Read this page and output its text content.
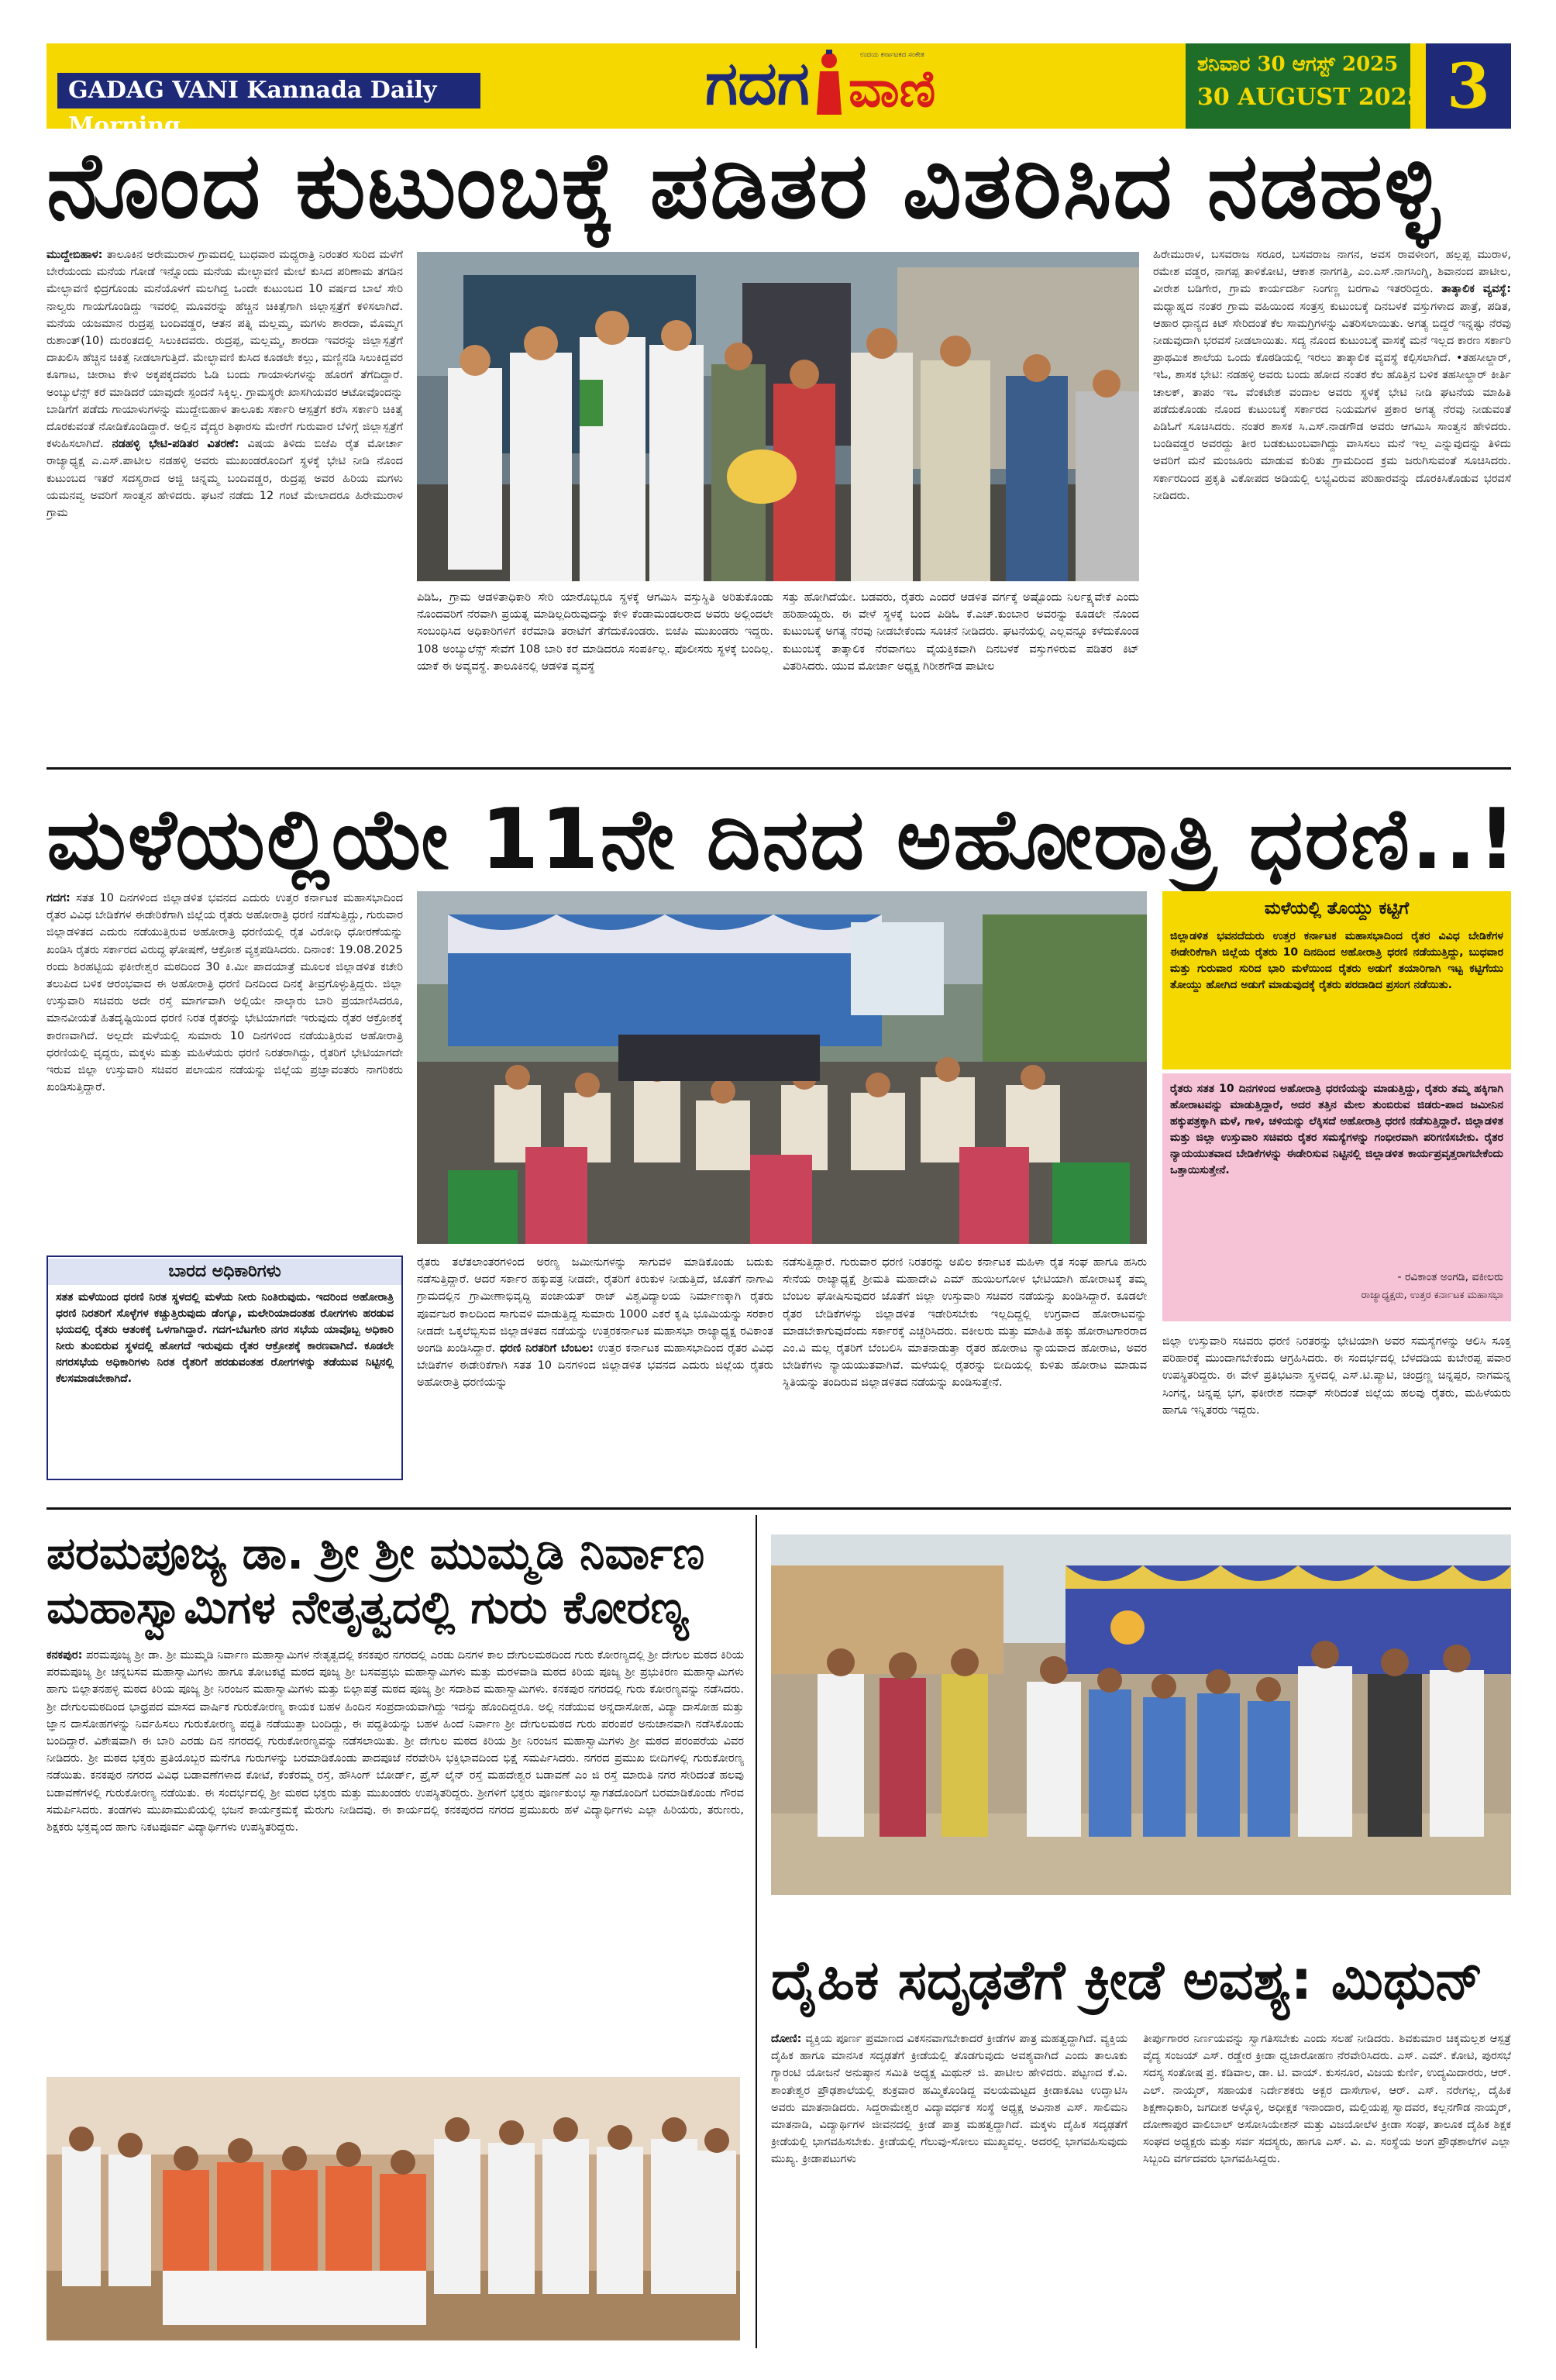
GADAG VANI Kannada Daily Morning
ಗದಗ ವಾಣಿ
ಉದಯ ಕರ್ನಾಟಕದ ಸಂಕೇತ	ಶನಿವಾರ 30 ಆಗಸ್ಟ್ 2025
30 AUGUST 2025 3
ನೊಂದ ಕುಟುಂಬಕ್ಕೆ ಪಡಿತರ ವಿತರಿಸಿದ ನಡಹಳ್ಳಿ
ಮುದ್ದೇಬಿಹಾಳ: ತಾಲೂಕಿನ ಅರೇಮುರಾಳ ಗ್ರಾಮದಲ್ಲಿ ಬುಧವಾರ ಮಧ್ಯರಾತ್ರಿ ನಿರಂತರ ಸುರಿದ ಮಳೆಗೆ ಬೇರೆಯಂದು ಮನೆಯ ಗೋಡೆ ಇನ್ನೊಂದು ಮನೆಯ ಮೇಲ್ಛಾವಣಿ ಮೇಲೆ ಕುಸಿದ ಪರಿಣಾಮ ತಗಡಿನ ಮೇಲ್ಛಾವಣಿ ಛಿದ್ರಗೊಂಡು ಮನೆಯೊಳಗೆ ಮಲಗಿದ್ದ ಒಂದೇ ಕುಟುಂಬದ 10 ವರ್ಷದ ಬಾಲೆ ಸೇರಿ ನಾಲ್ವರು ಗಾಯಗೊಂಡಿದ್ದು ಇವರಲ್ಲಿ ಮೂವರನ್ನು ಹೆಚ್ಚಿನ ಚಿಕಿತ್ಸೆಗಾಗಿ ಜಿಲ್ಲಾಸ್ಪತ್ರೆಗೆ ಕಳಿಸಲಾಗಿದೆ. ಮನೆಯ ಯಜಮಾನ ರುದ್ರಪ್ಪ ಬಂದಿವಡ್ಡರ, ಆತನ ಪತ್ನಿ ಮಲ್ಲಮ್ಮ, ಮಗಳು ಶಾರದಾ, ಮೊಮ್ಮಗ ರುಶಾಂತ್(10) ದುರಂತದಲ್ಲಿ ಸಿಲುಕಿದವರು. ರುದ್ರಪ್ಪ, ಮಲ್ಲಮ್ಮ, ಶಾರದಾ ಇವರನ್ನು ಜಿಲ್ಲಾಸ್ಪತ್ರೆಗೆ ದಾಖಲಿಸಿ ಹೆಚ್ಚಿನ ಚಿಕಿತ್ಸೆ ನೀಡಲಾಗುತ್ತಿದೆ. ಮೇಲ್ಛಾವಣಿ ಕುಸಿದ ಕೂಡಲೇ ಕಲ್ಲು, ಮಣ್ಣಿನಡಿ ಸಿಲುಕಿದ್ದವರ ಕೂಗಾಟ, ಚೀರಾಟ ಕೇಳಿ ಅಕ್ಕಪಕ್ಕದವರು ಓಡಿ ಬಂದು ಗಾಯಾಳುಗಳನ್ನು ಹೊರಗೆ ತೆಗೆದಿದ್ದಾರೆ. ಅಂಬ್ಯುಲೆನ್ಸ್ ಕರೆ ಮಾಡಿದರೆ ಯಾವುದೇ ಸ್ಪಂದನೆ ಸಿಕ್ಕಿಲ್ಲ. ಗ್ರಾಮಸ್ಥರೇ ಖಾಸಗಿಯವರ ಆಟೋವೊಂದನ್ನು ಬಾಡಿಗೆಗೆ ಪಡೆದು ಗಾಯಾಳುಗಳನ್ನು ಮುದ್ದೇಬಿಹಾಳ ತಾಲೂಕು ಸರ್ಕಾರಿ ಆಸ್ಪತ್ರೆಗೆ ಕರೆಸಿ ಸರ್ಕಾರಿ ಚಿಕಿತ್ಸೆ ದೊರಕುವಂತೆ ನೋಡಿಕೊಂಡಿದ್ದಾರೆ. ಅಲ್ಲಿನ ವೈದ್ಯರ ಶಿಫಾರಸು ಮೇರೆಗೆ ಗುರುವಾರ ಬೆಳಿಗ್ಗೆ ಜಿಲ್ಲಾಸ್ಪತ್ರೆಗೆ ಕಳುಹಿಸಲಾಗಿದೆ. ನಡಹಳ್ಳಿ ಭೇಟಿ-ಪಡಿತರ ವಿತರಣೆ: ವಿಷಯ ತಿಳಿದು ಬಿಜೆಪಿ ರೈತ ಮೋರ್ಚಾ ರಾಜ್ಯಾಧ್ಯಕ್ಷ ಎ.ಎಸ್.ಪಾಟೀಲ ನಡಹಳ್ಳಿ ಅವರು ಮುಖಂಡರೊಂದಿಗೆ ಸ್ಥಳಕ್ಕೆ ಭೇಟಿ ನೀಡಿ ನೊಂದ ಕುಟುಂಬದ ಇತರೆ ಸದಸ್ಯರಾದ ಅಜ್ಜಿ ಚಿನ್ನಮ್ಮ ಬಂದಿವಡ್ಡರ, ರುದ್ರಪ್ಪ ಅವರ ಹಿರಿಯ ಮಗಳು ಯಮನವ್ವ ಅವರಿಗೆ ಸಾಂತ್ವನ ಹೇಳಿದರು. ಘಟನೆ ನಡೆದು 12 ಗಂಟೆ ಮೇಲಾದರೂ ಹಿರೇಮುರಾಳ ಗ್ರಾಮ
ಪಿಡಿಓ, ಗ್ರಾಮ ಆಡಳಿತಾಧಿಕಾರಿ ಸೇರಿ ಯಾರೊಬ್ಬರೂ ಸ್ಥಳಕ್ಕೆ ಆಗಮಿಸಿ ವಸ್ತುಸ್ಥಿತಿ ಅರಿತುಕೊಂಡು ನೊಂದವರಿಗೆ ನೆರವಾಗಿ ಪ್ರಯತ್ನ ಮಾಡಿಲ್ಲದಿರುವುದನ್ನು ಕೇಳಿ ಕೆಂಡಾಮಂಡಲರಾದ ಅವರು ಅಲ್ಲಿಂದಲೇ ಸಂಬಂಧಿಸಿದ ಅಧಿಕಾರಿಗಳಿಗೆ ಕರೆಮಾಡಿ ತರಾಟೆಗೆ ತೆಗೆದುಕೊಂಡರು. ಬಿಜೆಪಿ ಮುಖಂಡರು ಇದ್ದರು. 108 ಅಂಬ್ಯುಲೆನ್ಸ್ ಸೇವೆಗೆ 108 ಬಾರಿ ಕರೆ ಮಾಡಿದರೂ ಸಂಪರ್ಕಿಲ್ಲ. ಪೊಲೀಸರು ಸ್ಥಳಕ್ಕೆ ಬಂದಿಲ್ಲ. ಯಾಕೆ ಈ ಅವ್ಯವಸ್ಥೆ. ತಾಲೂಕಿನಲ್ಲಿ ಆಡಳಿತ ವ್ಯವಸ್ಥೆ
ಸತ್ತು ಹೋಗಿದೆಯೇ. ಬಡವರು, ರೈತರು ಎಂದರೆ ಆಡಳಿತ ವರ್ಗಕ್ಕೆ ಅಷ್ಟೊಂದು ನಿರ್ಲಕ್ಷ್ಯವೇಕೆ ಎಂದು ಹರಿಹಾಯ್ದರು. ಈ ವೇಳೆ ಸ್ಥಳಕ್ಕೆ ಬಂದ ಪಿಡಿಓ ಕೆ.ಎಚ್.ಕುಂಬಾರ ಅವರನ್ನು ಕೂಡಲೇ ನೊಂದ ಕುಟುಂಬಕ್ಕೆ ಅಗತ್ಯ ನೆರವು ನೀಡಬೇಕೆಂದು ಸೂಚನೆ ನೀಡಿದರು. ಘಟನೆಯಲ್ಲಿ ಎಲ್ಲವನ್ನೂ ಕಳೆದುಕೊಂಡ ಕುಟುಂಬಕ್ಕೆ ತಾತ್ಕಾಲಿಕ ನೆರವಾಗಲು ವೈಯಕ್ತಿಕವಾಗಿ ದಿನಬಳಕೆ ವಸ್ತುಗಳಿರುವ ಪಡಿತರ ಕಿಟ್ ವಿತರಿಸಿದರು. ಯುವ ಮೋರ್ಚಾ ಅಧ್ಯಕ್ಷ ಗಿರೀಶಗೌಡ ಪಾಟೀಲ
ಹಿರೇಮುರಾಳ, ಬಸವರಾಜ ಸರೂರ, ಬಸವರಾಜ ನಾಗನ, ಅವಸ ರಾವಳೀಂಗ, ಹಲ್ಲಪ್ಪ ಮುರಾಳ, ರಮೇಶ ವಡ್ಡರ, ನಾಗಪ್ಪ ತಾಳಿಕೋಟಿ, ಆಕಾಶ ನಾಗಗತ್ತಿ, ಎಂ.ಎಸ್.ನಾಗಸಿಂಗ್ನಿ, ಶಿವಾನಂದ ಪಾಟೀಲ, ವೀರೇಶ ಬಡಿಗೇರ, ಗ್ರಾಮ ಕಾರ್ಯದರ್ಶಿ ನಿಂಗಣ್ಣ ಬರಗಾವಿ ಇತರರಿದ್ದರು. ತಾತ್ಕಾಲಿಕ ವ್ಯವಸ್ಥೆ: ಮಧ್ಯಾಹ್ನದ ನಂತರ ಗ್ರಾಮ ವಹಿಯಿಂದ ಸಂತ್ರಸ್ತ ಕುಟುಂಬಕ್ಕೆ ದಿನಬಳಕೆ ವಸ್ತುಗಳಾದ ಪಾತ್ರೆ, ಪಡಿತ, ಆಹಾರ ಧಾನ್ಯದ ಕಿಟ್ ಸೇರಿದಂತೆ ಕೆಲ ಸಾಮಗ್ರಿಗಳನ್ನು ವಿತರಿಸಲಾಯಿತು. ಅಗತ್ಯ ಬಿದ್ದರೆ ಇನ್ನಷ್ಟು ನೆರವು ನೀಡುವುದಾಗಿ ಭರವಸೆ ನೀಡಲಾಯಿತು. ಸದ್ಯ ನೊಂದ ಕುಟುಂಬಕ್ಕೆ ವಾಸಕ್ಕೆ ಮನೆ ಇಲ್ಲದ ಕಾರಣ ಸರ್ಕಾರಿ ಪ್ರಾಥಮಿಕ ಶಾಲೆಯ ಒಂದು ಕೊಠಡಿಯಲ್ಲಿ ಇರಲು ತಾತ್ಕಾಲಿಕ ವ್ಯವಸ್ಥೆ ಕಲ್ಪಿಸಲಾಗಿದೆ. •ತಹಸೀಲ್ದಾರ್, ಇಓ, ಶಾಸಕ ಭೇಟಿ: ನಡಹಳ್ಳಿ ಅವರು ಬಂದು ಹೋದ ನಂತರ ಕೆಲ ಹೊತ್ತಿನ ಬಳಿಕ ತಹಸೀಲ್ದಾರ್ ಕೀರ್ತಿ ಚಾಲಕ್, ತಾಪಂ ಇಒ ವೆಂಕಟೇಶ ವಂದಾಲ ಅವರು ಸ್ಥಳಕ್ಕೆ ಭೇಟಿ ನೀಡಿ ಘಟನೆಯ ಮಾಹಿತಿ ಪಡೆದುಕೊಂಡು ನೊಂದ ಕುಟುಂಬಕ್ಕೆ ಸರ್ಕಾರದ ನಿಯಮಗಳ ಪ್ರಕಾರ ಅಗತ್ಯ ನೆರವು ನೀಡುವಂತೆ ಪಿಡಿಓಗೆ ಸೂಚಿಸಿದರು. ನಂತರ ಶಾಸಕ ಸಿ.ಎಸ್.ನಾಡಗೌಡ ಅವರು ಆಗಮಿಸಿ ಸಾಂತ್ವನ ಹೇಳಿದರು. ಬಂಡಿವಡ್ಡರ ಅವರದ್ದು ತೀರ ಬಡಕುಟುಂಬವಾಗಿದ್ದು ವಾಸಿಸಲು ಮನೆ ಇಲ್ಲ ಎನ್ನುವುದನ್ನು ತಿಳಿದು ಅವರಿಗೆ ಮನೆ ಮಂಜೂರು ಮಾಡುವ ಕುರಿತು ಗ್ರಾಮದಿಂದ ಕ್ರಮ ಜರುಗಿಸುವಂತೆ ಸೂಚಿಸಿದರು. ಸರ್ಕಾರದಿಂದ ಪ್ರಕೃತಿ ವಿಕೋಪದ ಅಡಿಯಲ್ಲಿ ಲಭ್ಯವಿರುವ ಪರಿಹಾರವನ್ನು ದೊರಕಿಸಿಕೊಡುವ ಭರವಸೆ ನೀಡಿದರು.
ಮಳೆಯಲ್ಲಿಯೇ 11ನೇ ದಿನದ ಅಹೋರಾತ್ರಿ ಧರಣಿ..!
ಗದಗ: ಸತತ 10 ದಿನಗಳಿಂದ ಜಿಲ್ಲಾಡಳಿತ ಭವನದ ಎದುರು ಉತ್ತರ ಕರ್ನಾಟಕ ಮಹಾಸಭಾದಿಂದ ರೈತರ ವಿವಿಧ ಬೇಡಿಕೆಗಳ ಈಡೇರಿಕೆಗಾಗಿ ಜಿಲ್ಲೆಯ ರೈತರು ಅಹೋರಾತ್ರಿ ಧರಣಿ ನಡೆಸುತ್ತಿದ್ದು, ಗುರುವಾರ ಜಿಲ್ಲಾಡಳಿತದ ಎದುರು ನಡೆಯುತ್ತಿರುವ ಅಹೋರಾತ್ರಿ ಧರಣಿಯಲ್ಲಿ ರೈತ ವಿರೋಧಿ ಧೋರಣೆಯನ್ನು ಖಂಡಿಸಿ ರೈತರು ಸರ್ಕಾರದ ವಿರುದ್ಧ ಘೋಷಣೆ, ಆಕ್ರೋಶ ವ್ಯಕ್ತಪಡಿಸಿದರು. ದಿನಾಂಕ: 19.08.2025 ರಂದು ಶಿರಹಟ್ಟಿಯ ಫಕೀರೇಶ್ವರ ಮಠದಿಂದ 30 ಕಿ.ಮೀ ಪಾದಯಾತ್ರೆ ಮೂಲಕ ಜಿಲ್ಲಾಡಳಿತ ಕಚೇರಿ ತಲುಪಿದ ಬಳಿಕ ಆರಂಭವಾದ ಈ ಅಹೋರಾತ್ರಿ ಧರಣಿ ದಿನದಿಂದ ದಿನಕ್ಕೆ ತೀವ್ರಗೊಳ್ಳುತ್ತಿದ್ದರು. ಜಿಲ್ಲಾ ಉಸ್ತುವಾರಿ ಸಚಿವರು ಅದೇ ರಸ್ತೆ ಮಾರ್ಗವಾಗಿ ಅಲ್ಲಿಯೇ ನಾಲ್ಕಾರು ಬಾರಿ ಪ್ರಯಾಣಿಸಿದರೂ, ಮಾನವೀಯತೆ ಹಿತದೃಷ್ಟಿಯಿಂದ ಧರಣಿ ನಿರತ ರೈತರನ್ನು ಭೇಟಿಯಾಗದೇ ಇರುವುದು ರೈತರ ಆಕ್ರೋಶಕ್ಕೆ ಕಾರಣವಾಗಿದೆ. ಅಲ್ಲದೇ ಮಳೆಯಲ್ಲಿ ಸುಮಾರು 10 ದಿನಗಳಿಂದ ನಡೆಯುತ್ತಿರುವ ಅಹೋರಾತ್ರಿ ಧರಣಿಯಲ್ಲಿ ವೃದ್ಧರು, ಮಕ್ಕಳು ಮತ್ತು ಮಹಿಳೆಯರು ಧರಣಿ ನಿರತರಾಗಿದ್ದು, ರೈತರಿಗೆ ಭೇಟಿಯಾಗದೇ ಇರುವ ಜಿಲ್ಲಾ ಉಸ್ತುವಾರಿ ಸಚಿವರ ಪಲಾಯನ ನಡೆಯನ್ನು ಜಿಲ್ಲೆಯ ಪ್ರಜ್ಞಾವಂತರು ನಾಗರಿಕರು ಖಂಡಿಸುತ್ತಿದ್ದಾರೆ.
ಮಳೆಯಲ್ಲಿ ತೊಯ್ದು ಕಟ್ಟಿಗೆ
ಜಿಲ್ಲಾಡಳಿತ ಭವನದೆದುರು ಉತ್ತರ ಕರ್ನಾಟಕ ಮಹಾಸಭಾದಿಂದ ರೈತರ ವಿವಿಧ ಬೇಡಿಕೆಗಳ ಈಡೇರಿಕೆಗಾಗಿ ಜಿಲ್ಲೆಯ ರೈತರು 10 ದಿನದಿಂದ ಅಹೋರಾತ್ರಿ ಧರಣಿ ನಡೆಯುತ್ತಿದ್ದು, ಬುಧವಾರ ಮತ್ತು ಗುರುವಾರ ಸುರಿದ ಭಾರಿ ಮಳೆಯಿಂದ ರೈತರು ಅಡುಗೆ ತಯಾರಿಗಾಗಿ ಇಟ್ಟ ಕಟ್ಟಿಗೆಯು ತೋಯ್ದು ಹೋಗಿದ ಅಡುಗೆ ಮಾಡುವುದಕ್ಕೆ ರೈತರು ಪರದಾಡಿದ ಪ್ರಸಂಗ ನಡೆಯಿತು.
ರೈತರು ಸತತ 10 ದಿನಗಳಿಂದ ಅಹೋರಾತ್ರಿ ಧರಣಿಯನ್ನು ಮಾಡುತ್ತಿದ್ದು, ರೈತರು ತಮ್ಮ ಹಕ್ಕಿಗಾಗಿ ಹೋರಾಟವನ್ನು ಮಾಡುತ್ತಿದ್ದಾರೆ, ಅದರ ತತ್ತಿನ ಮೇಲ ತುಂಬಿರುವ ಜಿಡರು-ಪಾದ ಜಮೀನಿನ ಹಕ್ಕುಪತ್ರಕ್ಕಾಗಿ ಮಳೆ, ಗಾಳಿ, ಚಳಿಯನ್ನು ಲೆಕ್ಕಿಸದೆ ಅಹೋರಾತ್ರಿ ಧರಣಿ ನಡೆಸುತ್ತಿದ್ದಾರೆ. ಜಿಲ್ಲಾಡಳಿತ ಮತ್ತು ಜಿಲ್ಲಾ ಉಸ್ತುವಾರಿ ಸಚಿವರು ರೈತರ ಸಮಸ್ಯೆಗಳನ್ನು ಗಂಭೀರವಾಗಿ ಪರಿಗಣಿಸಬೇಕು. ರೈತರ ನ್ಯಾಯಯುತವಾದ ಬೇಡಿಕೆಗಳನ್ನು ಈಡೇರಿಸುವ ನಿಟ್ಟಿನಲ್ಲಿ ಜಿಲ್ಲಾಡಳಿತ ಕಾರ್ಯಪ್ರವೃತ್ತರಾಗಬೇಕೆಂದು ಒತ್ತಾಯಿಸುತ್ತೇನೆ.
- ರವಿಕಾಂತ ಅಂಗಡಿ, ವಕೀಲರು
ರಾಜ್ಯಾಧ್ಯಕ್ಷರು, ಉತ್ತರ ಕರ್ನಾಟಕ ಮಹಾಸಭಾ
ಬಾರದ ಅಧಿಕಾರಿಗಳು
ಸತತ ಮಳೆಯಿಂದ ಧರಣಿ ನಿರತ ಸ್ಥಳದಲ್ಲಿ ಮಳೆಯ ನೀರು ನಿಂತಿರುವುದು. ಇದರಿಂದ ಅಹೋರಾತ್ರಿ ಧರಣಿ ನಿರತರಿಗೆ ಸೊಳ್ಳೆಗಳ ಕಚ್ಚುತ್ತಿರುವುದು ಡೆಂಗ್ಯೂ, ಮಲೇರಿಯಾದಂತಹ ರೋಗಗಳು ಹರಡುವ ಭಯದಲ್ಲಿ ರೈತರು ಆತಂಕಕ್ಕೆ ಒಳಗಾಗಿದ್ದಾರೆ. ಗದಗ-ಬೆಟಗೇರಿ ನಗರ ಸಭೆಯ ಯಾವೊಬ್ಬ ಅಧಿಕಾರಿ ನೀರು ತುಂಬಿರುವ ಸ್ಥಳದಲ್ಲಿ ಹೋಗದೆ ಇರುವುದು ರೈತರ ಆಕ್ರೋಶಕ್ಕೆ ಕಾರಣವಾಗಿದೆ. ಕೂಡಲೇ ನಗರಸಭೆಯ ಅಧಿಕಾರಿಗಳು ನಿರತ ರೈತರಿಗೆ ಹರಡುವಂತಹ ರೋಗಗಳನ್ನು ತಡೆಯುವ ನಿಟ್ಟಿನಲ್ಲಿ ಕೆಲಸಮಾಡಬೇಕಾಗಿದೆ.
ರೈತರು ತಲೆತಲಾಂತರಗಳಿಂದ ಅರಣ್ಯ ಜಮೀನುಗಳನ್ನು ಸಾಗುವಳಿ ಮಾಡಿಕೊಂಡು ಬದುಕು ನಡೆಸುತ್ತಿದ್ದಾರೆ. ಆದರೆ ಸರ್ಕಾರ ಹಕ್ಕುಪತ್ರ ನೀಡದೇ, ರೈತರಿಗೆ ಕಿರುಕುಳ ನೀಡುತ್ತಿದೆ, ಜೊತೆಗೆ ನಾಗಾವಿ ಗ್ರಾಮದಲ್ಲಿನ ಗ್ರಾಮೀಣಾಭಿವೃದ್ಧಿ ಪಂಚಾಯತ್ ರಾಜ್ ವಿಶ್ವವಿದ್ಯಾಲಯ ನಿರ್ಮಾಣಕ್ಕಾಗಿ ರೈತರು ಪೂರ್ವಜರ ಕಾಲದಿಂದ ಸಾಗುವಳಿ ಮಾಡುತ್ತಿದ್ದ ಸುಮಾರು 1000 ಎಕರೆ ಕೃಷಿ ಭೂಮಿಯನ್ನು ಸರಕಾರ ನೀಡದೇ ಒಕ್ಕಲೆಬ್ಬಿಸುವ ಜಿಲ್ಲಾಡಳಿತದ ನಡೆಯನ್ನು ಉತ್ತರಕರ್ನಾಟಕ ಮಹಾಸಭಾ ರಾಜ್ಯಾಧ್ಯಕ್ಷ ರವಿಕಾಂತ ಅಂಗಡಿ ಖಂಡಿಸಿದ್ದಾರೆ. ಧರಣಿ ನಿರತರಿಗೆ ಬೆಂಬಲ: ಉತ್ತರ ಕರ್ನಾಟಕ ಮಹಾಸಭಾದಿಂದ ರೈತರ ವಿವಿಧ ಬೇಡಿಕೆಗಳ ಈಡೇರಿಕೆಗಾಗಿ ಸತತ 10 ದಿನಗಳಿಂದ ಜಿಲ್ಲಾಡಳಿತ ಭವನದ ಎದುರು ಜಿಲ್ಲೆಯ ರೈತರು ಅಹೋರಾತ್ರಿ ಧರಣಿಯನ್ನು
ನಡೆಸುತ್ತಿದ್ದಾರೆ. ಗುರುವಾರ ಧರಣಿ ನಿರತರನ್ನು ಅಖಿಲ ಕರ್ನಾಟಕ ಮಹಿಳಾ ರೈತ ಸಂಘ ಹಾಗೂ ಹಸಿರು ಸೇನೆಯ ರಾಜ್ಯಾಧ್ಯಕ್ಷೆ ಶ್ರೀಮತಿ ಮಹಾದೇವಿ ಎಮ್ ಹುಯಿಲಗೋಳ ಭೇಟಿಯಾಗಿ ಹೋರಾಟಕ್ಕೆ ತಮ್ಮ ಬೆಂಬಲ ಘೋಷಿಸುವುದರ ಜೊತೆಗೆ ಜಿಲ್ಲಾ ಉಸ್ತುವಾರಿ ಸಚಿವರ ನಡೆಯನ್ನು ಖಂಡಿಸಿದ್ದಾರೆ. ಕೂಡಲೇ ರೈತರ ಬೇಡಿಕೆಗಳನ್ನು ಜಿಲ್ಲಾಡಳಿತ ಇಡೇರಿಸಬೇಕು ಇಲ್ಲದಿದ್ದಲ್ಲಿ ಉಗ್ರವಾದ ಹೋರಾಟವನ್ನು ಮಾಡಬೇಕಾಗುವುದೆಂದು ಸರ್ಕಾರಕ್ಕೆ ಎಚ್ಚರಿಸಿದರು. ವಕೀಲರು ಮತ್ತು ಮಾಹಿತಿ ಹಕ್ಕು ಹೋರಾಟಗಾರರಾದ ಎಂ.ವಿ ಮಲ್ಲ ರೈತರಿಗೆ ಬೆಂಬಲಿಸಿ ಮಾತನಾಡುತ್ತಾ ರೈತರ ಹೋರಾಟ ನ್ಯಾಯವಾದ ಹೋರಾಟ, ಅವರ ಬೇಡಿಕೆಗಳು ನ್ಯಾಯಯುತವಾಗಿವೆ. ಮಳೆಯಲ್ಲಿ ರೈತರನ್ನು ಬೀದಿಯಲ್ಲಿ ಕುಳಿತು ಹೋರಾಟ ಮಾಡುವ ಸ್ಥಿತಿಯನ್ನು ತಂದಿರುವ ಜಿಲ್ಲಾಡಳಿತದ ನಡೆಯನ್ನು ಖಂಡಿಸುತ್ತೇನೆ.
ಜಿಲ್ಲಾ ಉಸ್ತುವಾರಿ ಸಚಿವರು ಧರಣಿ ನಿರತರನ್ನು ಭೇಟಿಯಾಗಿ ಅವರ ಸಮಸ್ಯೆಗಳನ್ನು ಆಲಿಸಿ ಸೂಕ್ತ ಪರಿಹಾರಕ್ಕೆ ಮುಂದಾಗಬೇಕೆಂದು ಆಗ್ರಹಿಸಿದರು. ಈ ಸಂದರ್ಭದಲ್ಲಿ ಬೆಳದಡಿಯ ಕುಬೇರಪ್ಪ ಪವಾರ ಉಪಸ್ಥಿತರಿದ್ದರು. ಈ ವೇಳೆ ಪ್ರತಿಭಟನಾ ಸ್ಥಳದಲ್ಲಿ ಎಸ್.ಟಿ.ಪ್ಯಾಟಿ, ಚಂದ್ರಣ್ಣ ಚಿನ್ನಪ್ಪರ, ನಾಗಮನ್ನ ಸಿಂಗನ್ನ, ಚಿನ್ನಪ್ಪ ಭಗ, ಫಕೀರೇಶ ನದಾಫ್ ಸೇರಿದಂತೆ ಜಿಲ್ಲೆಯ ಹಲವು ರೈತರು, ಮಹಿಳೆಯರು ಹಾಗೂ ಇನ್ನಿತರರು ಇದ್ದರು.
ಪರಮಪೂಜ್ಯ ಡಾ. ಶ್ರೀ ಶ್ರೀ ಮುಮ್ಮಡಿ ನಿರ್ವಾಣ
ಮಹಾಸ್ವಾಮಿಗಳ ನೇತೃತ್ವದಲ್ಲಿ ಗುರು ಕೋರಣ್ಯ
ಕನಕಪುರ: ಪರಮಪೂಜ್ಯ ಶ್ರೀ ಡಾ. ಶ್ರೀ ಮುಮ್ಮಡಿ ನಿರ್ವಾಣ ಮಹಾಸ್ವಾಮಿಗಳ ನೇತೃತ್ವದಲ್ಲಿ ಕನಕಪುರ ನಗರದಲ್ಲಿ ಎರಡು ದಿನಗಳ ಕಾಲ ದೇಗುಲಮಠದಿಂದ ಗುರು ಕೋರಣ್ಯದಲ್ಲಿ ಶ್ರೀ ದೇಗುಲ ಮಠದ ಕಿರಿಯ ಪರಮಪೂಜ್ಯ ಶ್ರೀ ಚನ್ನಬಸವ ಮಹಾಸ್ವಾಮಿಗಳು ಹಾಗೂ ತೋಟಕಟ್ಟೆ ಮಠದ ಪೂಜ್ಯ ಶ್ರೀ ಬಸವಪ್ರಭು ಮಹಾಸ್ವಾಮಿಗಳು ಮತ್ತು ಮರಳವಾಡಿ ಮಠದ ಕಿರಿಯ ಪೂಜ್ಯ ಶ್ರೀ ಪ್ರಭುಕಿರಣ ಮಹಾಸ್ವಾಮಿಗಳು ಹಾಗು ಬಿಲ್ಲಾತನಹಳ್ಳಿ ಮಠದ ಕಿರಿಯ ಪೂಜ್ಯ ಶ್ರೀ ನಿರಂಜನ ಮಹಾಸ್ವಾಮಿಗಳು ಮತ್ತು ಬಿಲ್ಲಾಪತ್ರೆ ಮಠದ ಪೂಜ್ಯ ಶ್ರೀ ಸದಾಶಿವ ಮಹಾಸ್ವಾಮಿಗಳು. ಕನಕಪುರ ನಗರದಲ್ಲಿ ಗುರು ಕೋರಣ್ಯವನ್ನು ನಡೆಸಿದರು. ಶ್ರೀ ದೇಗುಲಮಠದಿಂದ ಭಾಧ್ರಪದ ಮಾಸದ ವಾರ್ಷಿಕ ಗುರುಕೋರಣ್ಯ ಕಾಯಕ ಬಹಳ ಹಿಂದಿನ ಸಂಪ್ರದಾಯವಾಗಿದ್ದು ಇದನ್ನು ಹೊಂದಿದ್ದರೂ. ಅಲ್ಲಿ ನಡೆಯುವ ಅನ್ನದಾಸೋಹ, ವಿದ್ಯಾ ದಾಸೋಹ ಮತ್ತು ಜ್ಞಾನ ದಾಸೋಹಗಳನ್ನು ನಿರ್ವಹಿಸಲು ಗುರುಕೋರಣ್ಯ ಪದ್ಧತಿ ನಡೆಯುತ್ತಾ ಬಂದಿದ್ದು, ಈ ಪದ್ಧತಿಯನ್ನು ಬಹಳ ಹಿಂದೆ ನಿರ್ವಾಣ ಶ್ರೀ ದೇಗುಲಮಠದ ಗುರು ಪರಂಪರೆ ಅನುಚಾನವಾಗಿ ನಡೆಸಿಕೊಂಡು ಬಂದಿದ್ದಾರೆ. ವಿಶೇಷವಾಗಿ ಈ ಬಾರಿ ಎರಡು ದಿನ ನಗರದಲ್ಲಿ ಗುರುಕೋರಣ್ಯವನ್ನು ನಡೆಸಲಾಯಿತು. ಶ್ರೀ ದೇಗುಲ ಮಠದ ಕಿರಿಯ ಶ್ರೀ ನಿರಂಜನ ಮಹಾಸ್ವಾಮಿಗಳು ಶ್ರೀ ಮಠದ ಪರಂಪರೆಯ ವಿವರ ನೀಡಿದರು. ಶ್ರೀ ಮಠದ ಭಕ್ತರು ಪ್ರತಿಯೊಬ್ಬರ ಮನೆಗೂ ಗುರುಗಳನ್ನು ಬರಮಾಡಿಕೊಂಡು ಪಾದಪೂಜೆ ನೆರವೇರಿಸಿ ಭಕ್ತಿಭಾವದಿಂದ ಭಿಕ್ಷೆ ಸಮರ್ಪಿಸಿದರು. ನಗರದ ಪ್ರಮುಖ ಬೀದಿಗಳಲ್ಲಿ ಗುರುಕೋರಣ್ಯ ನಡೆಯಿತು. ಕನಕಪುರ ನಗರದ ವಿವಿಧ ಬಡಾವಣೆಗಳಾದ ಕೋಟೆ, ಕೆಂಕೆರಮ್ಮ ರಸ್ತೆ, ಹೌಸಿಂಗ್ ಬೋರ್ಡ್, ಪ್ರೈಸ್ ಲೈನ್ ರಸ್ತೆ ಮಹದೇಶ್ವರ ಬಡಾವಣೆ ಎಂ ಜಿ ರಸ್ತೆ ಮಾರುತಿ ನಗರ ಸೇರಿದಂತೆ ಹಲವು ಬಡಾವಣೆಗಳಲ್ಲಿ ಗುರುಕೋರಣ್ಯ ನಡೆಯಿತು. ಈ ಸಂದರ್ಭದಲ್ಲಿ ಶ್ರೀ ಮಠದ ಭಕ್ತರು ಮತ್ತು ಮುಖಂಡರು ಉಪಸ್ಥಿತರಿದ್ದರು. ಶ್ರೀಗಳಿಗೆ ಭಕ್ತರು ಪೂರ್ಣಕುಂಭ ಸ್ವಾಗತದೊಂದಿಗೆ ಬರಮಾಡಿಕೊಂಡು ಗೌರವ ಸಮರ್ಪಿಸಿದರು. ತಂಡಗಳು ಮುಖಾಮುಖಿಯಲ್ಲಿ ಭಜನೆ ಕಾರ್ಯಕ್ರಮಕ್ಕೆ ಮೆರುಗು ನೀಡಿದವು. ಈ ಕಾರ್ಯದಲ್ಲಿ ಕನಕಪುರದ ನಗರದ ಪ್ರಮುಖರು ಹಳೆ ವಿದ್ಯಾರ್ಥಿಗಳು ಎಲ್ಲಾ ಹಿರಿಯರು, ತರುಣರು, ಶಿಕ್ಷಕರು ಭಕ್ತವೃಂದ ಹಾಗು ನಿಕಟಪೂರ್ವ ವಿದ್ಯಾರ್ಥಿಗಳು ಉಪಸ್ಥಿತರಿದ್ದರು.
ದೈಹಿಕ ಸದೃಢತೆಗೆ ಕ್ರೀಡೆ ಅವಶ್ಯ: ಮಿಥುನ್
ದೋಣಿ: ವ್ಯಕ್ತಿಯ ಪೂರ್ಣ ಪ್ರಮಾಣದ ವಿಕಸನವಾಗಬೇಕಾದರೆ ಕ್ರೀಡೆಗಳ ಪಾತ್ರ ಮಹತ್ವದ್ದಾಗಿದೆ. ವ್ಯಕ್ತಿಯ ದೈಹಿಕ ಹಾಗೂ ಮಾನಸಿಕ ಸದೃಢತೆಗೆ ಕ್ರೀಡೆಯಲ್ಲಿ ತೊಡಗುವುದು ಅವಶ್ಯವಾಗಿದೆ ಎಂದು ತಾಲೂಕು ಗ್ಯಾರಂಟಿ ಯೋಜನೆ ಅನುಷ್ಠಾನ ಸಮಿತಿ ಅಧ್ಯಕ್ಷ ಮಿಥುನ್ ಜಿ. ಪಾಟೀಲ ಹೇಳಿದರು. ಪಟ್ಟಣದ ಕೆ.ವಿ. ಶಾಂತೇಶ್ವರ ಪ್ರೌಢಶಾಲೆಯಲ್ಲಿ ಶುಕ್ರವಾರ ಹಮ್ಮಿಕೊಂಡಿದ್ದ ವಲಯಮಟ್ಟದ ಕ್ರೀಡಾಕೂಟ ಉದ್ಘಾಟಿಸಿ ಅವರು ಮಾತನಾಡಿದರು. ಸಿದ್ದರಾಮೇಶ್ವರ ವಿದ್ಯಾವರ್ಧಕ ಸಂಸ್ಥೆ ಅಧ್ಯಕ್ಷ ಅವಿನಾಶ ಎಸ್. ಸಾಲಿಮನಿ ಮಾತನಾಡಿ, ವಿದ್ಯಾರ್ಥಿಗಳ ಜೀವನದಲ್ಲಿ ಕ್ರೀಡೆ ಪಾತ್ರ ಮಹತ್ವದ್ದಾಗಿದೆ. ಮಕ್ಕಳು ದೈಹಿಕ ಸದೃಢತೆಗೆ ಕ್ರೀಡೆಯಲ್ಲಿ ಭಾಗವಹಿಸಬೇಕು. ಕ್ರೀಡೆಯಲ್ಲಿ ಗೆಲುವು-ಸೋಲು ಮುಖ್ಯವಲ್ಲ. ಅದರಲ್ಲಿ ಭಾಗವಹಿಸುವುದು ಮುಖ್ಯ. ಕ್ರೀಡಾಪಟುಗಳು
ತೀರ್ಪುಗಾರರ ನಿರ್ಣಯವನ್ನು ಸ್ವಾಗತಿಸಬೇಕು ಎಂದು ಸಲಹೆ ನೀಡಿದರು. ಶಿವಕುಮಾರ ಚಿಕ್ಕಮಲ್ಲಶ ಆಸ್ಪತ್ರೆ ವೈದ್ಯ ಸಂಜಯ್ ಎಸ್. ರಡ್ಡೇರ ಕ್ರೀಡಾ ಧ್ವಜಾರೋಹಣ ನೆರವೇರಿಸಿದರು. ಎಸ್. ಎಮ್. ಕೋಟಿ, ಪುರಸಭೆ ಸದಸ್ಯ ಸಂತೋಷ ಪ್ರ. ಕಡಿವಾಲ, ಡಾ. ಟಿ. ವಾಯ್. ಕುಸನೂರ, ವಿಜಯ ಕುರ್ಣಿ, ಉದ್ಯಮಿದಾರರು, ಆರ್. ಎಲ್. ನಾಯ್ಕರ್, ಸಹಾಯಕ ನಿರ್ದೇಶಕರು ಅಕ್ಬರ ದಾಸೇಗಾಳ, ಆರ್. ಎಸ್. ನರೇಗಲ್ಲ, ದೈಹಿಕ ಶಿಕ್ಷಣಾಧಿಕಾರಿ, ಜಗದೀಶ ಅಳ್ಳೊಳ್ಳಿ, ಅಧೀಕ್ಷಕ ಇನಾಂದಾರ, ಮಲ್ಲಿಯಪ್ಪ ಸ್ವಾದವರ, ಕಲ್ಲನಗೌಡ ನಾಯ್ಕರ್, ದೋಣಾಪುರ ವಾಲಿಬಾಲ್ ಅಸೋಸಿಯೇಶನ್ ಮತ್ತು ವಿಜಯೋಲೆಳ ಕ್ರೀಡಾ ಸಂಘ, ತಾಲೂಕ ದೈಹಿಕ ಶಿಕ್ಷಕ ಸಂಘದ ಅಧ್ಯಕ್ಷರು ಮತ್ತು ಸರ್ವ ಸದಸ್ಯರು, ಹಾಗೂ ಎಸ್. ವಿ. ಎ. ಸಂಸ್ಥೆಯ ಅಂಗ ಪ್ರೌಢಶಾಲೆಗಳ ಎಲ್ಲಾ ಸಿಬ್ಬಂದಿ ವರ್ಗದವರು ಭಾಗವಹಿಸಿದ್ದರು.
